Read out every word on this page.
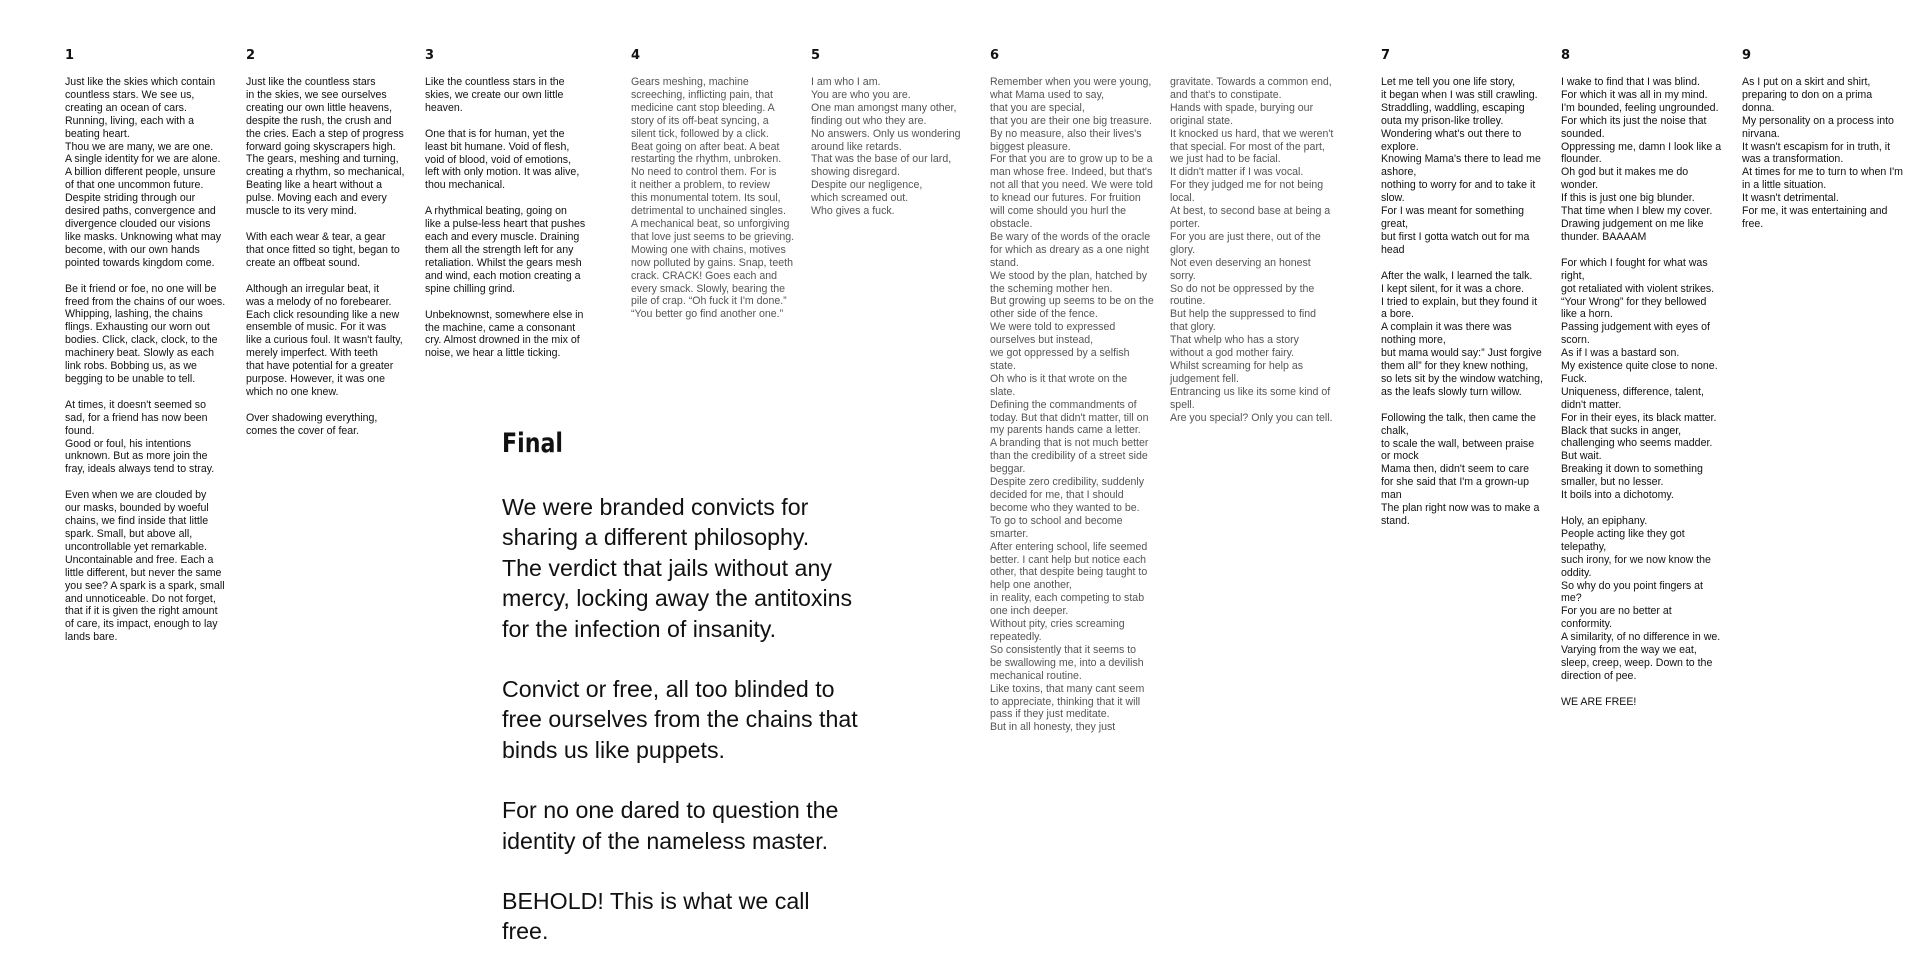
1
Just like the skies which contain
countless stars. We see us,
creating an ocean of cars.
Running, living, each with a
beating heart.
Thou we are many, we are one.
A single identity for we are alone.
A billion different people, unsure
of that one uncommon future.
Despite striding through our
desired paths, convergence and
divergence clouded our visions
like masks. Unknowing what may
become, with our own hands
pointed towards kingdom come.
Be it friend or foe, no one will be
freed from the chains of our woes.
Whipping, lashing, the chains
flings. Exhausting our worn out
bodies. Click, clack, clock, to the
machinery beat. Slowly as each
link robs. Bobbing us, as we
begging to be unable to tell.
At times, it doesn't seemed so
sad, for a friend has now been
found.
Good or foul, his intentions
unknown. But as more join the
fray, ideals always tend to stray.
Even when we are clouded by
our masks, bounded by woeful
chains, we find inside that little
spark. Small, but above all,
uncontrollable yet remarkable.
Uncontainable and free. Each a
little different, but never the same
you see? A spark is a spark, small
and unnoticeable. Do not forget,
that if it is given the right amount
of care, its impact, enough to lay
lands bare.
2
Just like the countless stars
in the skies, we see ourselves
creating our own little heavens,
despite the rush, the crush and
the cries. Each a step of progress
forward going skyscrapers high.
The gears, meshing and turning,
creating a rhythm, so mechanical,
Beating like a heart without a
pulse. Moving each and every
muscle to its very mind.
With each wear & tear, a gear
that once fitted so tight, began to
create an offbeat sound.
Although an irregular beat, it
was a melody of no forebearer.
Each click resounding like a new
ensemble of music. For it was
like a curious foul. It wasn't faulty,
merely imperfect. With teeth
that have potential for a greater
purpose. However, it was one
which no one knew.
Over shadowing everything,
comes the cover of fear.
3
Like the countless stars in the
skies, we create our own little
heaven.
One that is for human, yet the
least bit humane. Void of flesh,
void of blood, void of emotions,
left with only motion. It was alive,
thou mechanical.
A rhythmical beating, going on
like a pulse-less heart that pushes
each and every muscle. Draining
them all the strength left for any
retaliation. Whilst the gears mesh
and wind, each motion creating a
spine chilling grind.
Unbeknownst, somewhere else in
the machine, came a consonant
cry. Almost drowned in the mix of
noise, we hear a little ticking.
4
Gears meshing, machine
screeching, inflicting pain, that
medicine cant stop bleeding. A
story of its off-beat syncing, a
silent tick, followed by a click.
Beat going on after beat. A beat
restarting the rhythm, unbroken.
No need to control them. For is
it neither a problem, to review
this monumental totem. Its soul,
detrimental to unchained singles.
A mechanical beat, so unforgiving
that love just seems to be grieving.
Mowing one with chains, motives
now polluted by gains. Snap, teeth
crack. CRACK! Goes each and
every smack. Slowly, bearing the
pile of crap. “Oh fuck it I'm done.”
“You better go find another one.”
5
I am who I am.
You are who you are.
One man amongst many other,
finding out who they are.
No answers. Only us wondering
around like retards.
That was the base of our lard,
showing disregard.
Despite our negligence,
which screamed out.
Who gives a fuck.
6
Remember when you were young,
what Mama used to say,
that you are special,
that you are their one big treasure.
By no measure, also their lives's
biggest pleasure.
For that you are to grow up to be a
man whose free. Indeed, but that's
not all that you need. We were told
to knead our futures. For fruition
will come should you hurl the
obstacle.
Be wary of the words of the oracle
for which as dreary as a one night
stand.
We stood by the plan, hatched by
the scheming mother hen.
But growing up seems to be on the
other side of the fence.
We were told to expressed
ourselves but instead,
we got oppressed by a selfish
state.
Oh who is it that wrote on the
slate.
Defining the commandments of
today. But that didn't matter, till on
my parents hands came a letter.
A branding that is not much better
than the credibility of a street side
beggar.
Despite zero credibility, suddenly
decided for me, that I should
become who they wanted to be.
To go to school and become
smarter.
After entering school, life seemed
better. I cant help but notice each
other, that despite being taught to
help one another,
in reality, each competing to stab
one inch deeper.
Without pity, cries screaming
repeatedly.
So consistently that it seems to
be swallowing me, into a devilish
mechanical routine.
Like toxins, that many cant seem
to appreciate, thinking that it will
pass if they just meditate.
But in all honesty, they just
gravitate. Towards a common end,
and that's to constipate.
Hands with spade, burying our
original state.
It knocked us hard, that we weren't
that special. For most of the part,
we just had to be facial.
It didn't matter if I was vocal.
For they judged me for not being
local.
At best, to second base at being a
porter.
For you are just there, out of the
glory.
Not even deserving an honest
sorry.
So do not be oppressed by the
routine.
But help the suppressed to find
that glory.
That whelp who has a story
without a god mother fairy.
Whilst screaming for help as
judgement fell.
Entrancing us like its some kind of
spell.
Are you special? Only you can tell.
7
Let me tell you one life story,
it began when I was still crawling.
Straddling, waddling, escaping
outa my prison-like trolley.
Wondering what's out there to
explore.
Knowing Mama's there to lead me
ashore,
nothing to worry for and to take it
slow.
For I was meant for something
great,
but first I gotta watch out for ma
head
After the walk, I learned the talk.
I kept silent, for it was a chore.
I tried to explain, but they found it
a bore.
A complain it was there was
nothing more,
but mama would say:” Just forgive
them all” for they knew nothing,
so lets sit by the window watching,
as the leafs slowly turn willow.
Following the talk, then came the
chalk,
to scale the wall, between praise
or mock
Mama then, didn't seem to care
for she said that I'm a grown-up
man
The plan right now was to make a
stand.
8
I wake to find that I was blind.
For which it was all in my mind.
I'm bounded, feeling ungrounded.
For which its just the noise that
sounded.
Oppressing me, damn I look like a
flounder.
Oh god but it makes me do
wonder.
If this is just one big blunder.
That time when I blew my cover.
Drawing judgement on me like
thunder. BAAAAM
For which I fought for what was
right,
got retaliated with violent strikes.
“Your Wrong” for they bellowed
like a horn.
Passing judgement with eyes of
scorn.
As if I was a bastard son.
My existence quite close to none.
Fuck.
Uniqueness, difference, talent,
didn't matter.
For in their eyes, its black matter.
Black that sucks in anger,
challenging who seems madder.
But wait.
Breaking it down to something
smaller, but no lesser.
It boils into a dichotomy.
Holy, an epiphany.
People acting like they got
telepathy,
such irony, for we now know the
oddity.
So why do you point fingers at
me?
For you are no better at
conformity.
A similarity, of no difference in we.
Varying from the way we eat,
sleep, creep, weep. Down to the
direction of pee.
WE ARE FREE!
9
As I put on a skirt and shirt,
preparing to don on a prima
donna.
My personality on a process into
nirvana.
It wasn't escapism for in truth, it
was a transformation.
At times for me to turn to when I'm
in a little situation.
It wasn't detrimental.
For me, it was entertaining and
free.
Final
We were branded convicts for
sharing a different philosophy.
The verdict that jails without any
mercy, locking away the antitoxins
for the infection of insanity.
Convict or free, all too blinded to
free ourselves from the chains that
binds us like puppets.
For no one dared to question the
identity of the nameless master.
BEHOLD! This is what we call
free.
